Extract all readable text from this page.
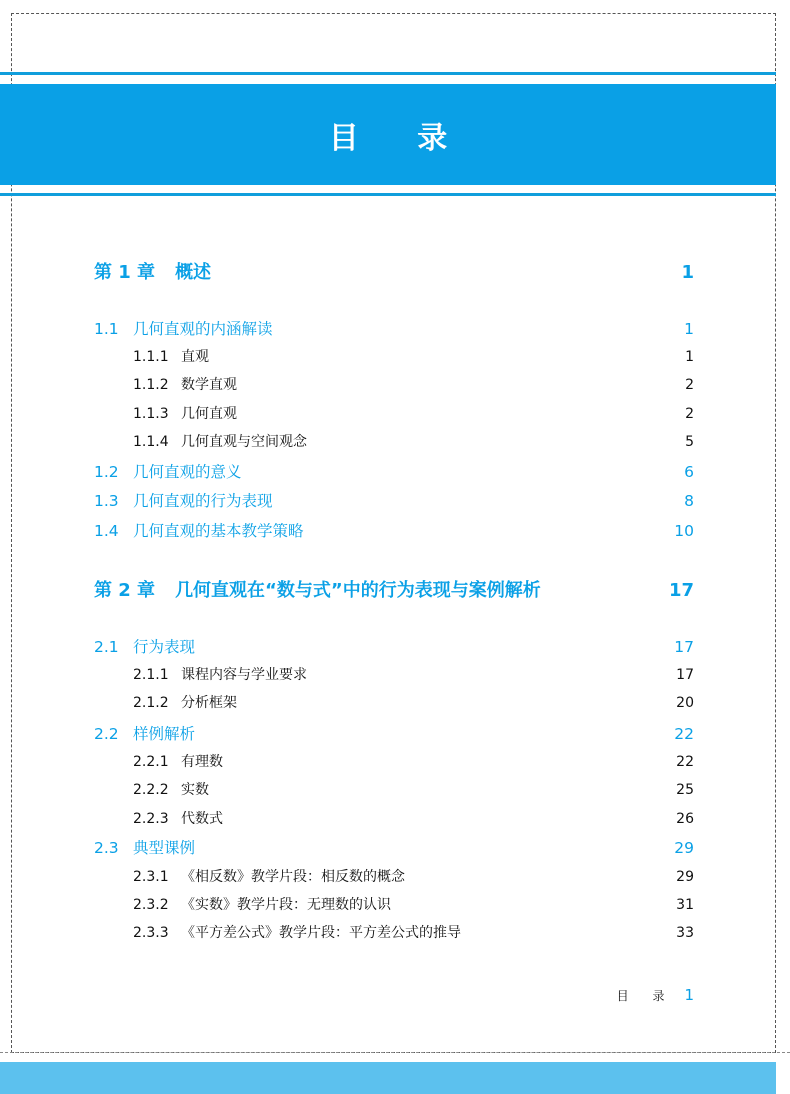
目 录
第 1 章 概述	1
1.1 几何直观的内涵解读	1
1.1.1 直观	1
1.1.2 数学直观	2
1.1.3 几何直观	2
1.1.4 几何直观与空间观念	5
1.2 几何直观的意义	6
1.3 几何直观的行为表现	8
1.4 几何直观的基本教学策略	10
第 2 章 几何直观在“数与式”中的行为表现与案例解析	17
2.1 行为表现	17
2.1.1 课程内容与学业要求	17
2.1.2 分析框架	20
2.2 样例解析	22
2.2.1 有理数	22
2.2.2 实数	25
2.2.3 代数式	26
2.3 典型课例	29
2.3.1 《相反数》教学片段：相反数的概念	29
2.3.2 《实数》教学片段：无理数的认识	31
2.3.3 《平方差公式》教学片段：平方差公式的推导	33
目 录 1
